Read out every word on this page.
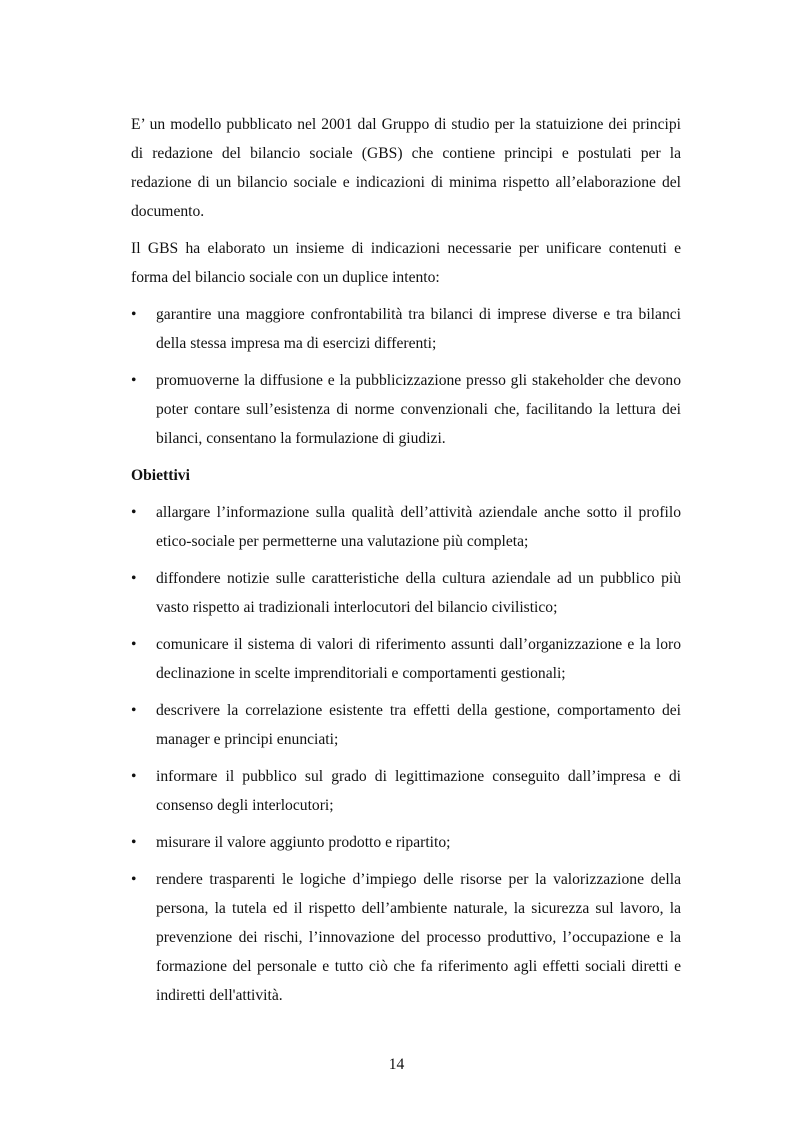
E’ un modello pubblicato nel 2001 dal Gruppo di studio per la statuizione dei principi di redazione del bilancio sociale (GBS) che contiene principi e postulati per la redazione di un bilancio sociale e indicazioni di minima rispetto all’elaborazione del documento.

Il GBS ha elaborato un insieme di indicazioni necessarie per unificare contenuti e forma del bilancio sociale con un duplice intento:

• garantire una maggiore confrontabilità tra bilanci di imprese diverse e tra bilanci della stessa impresa ma di esercizi differenti;
• promuoverne la diffusione e la pubblicizzazione presso gli stakeholder che devono poter contare sull’esistenza di norme convenzionali che, facilitando la lettura dei bilanci, consentano la formulazione di giudizi.
Obiettivi
• allargare l’informazione sulla qualità dell’attività aziendale anche sotto il profilo etico-sociale per permetterne una valutazione più completa;
• diffondere notizie sulle caratteristiche della cultura aziendale ad un pubblico più vasto rispetto ai tradizionali interlocutori del bilancio civilistico;
• comunicare il sistema di valori di riferimento assunti dall’organizzazione e la loro declinazione in scelte imprenditoriali e comportamenti gestionali;
• descrivere la correlazione esistente tra effetti della gestione, comportamento dei manager e principi enunciati;
• informare il pubblico sul grado di legittimazione conseguito dall’impresa e di consenso degli interlocutori;
• misurare il valore aggiunto prodotto e ripartito;
• rendere trasparenti le logiche d’impiego delle risorse per la valorizzazione della persona, la tutela ed il rispetto dell’ambiente naturale, la sicurezza sul lavoro, la prevenzione dei rischi, l’innovazione del processo produttivo, l’occupazione e la formazione del personale e tutto ciò che fa riferimento agli effetti sociali diretti e indiretti dell'attività.
14
